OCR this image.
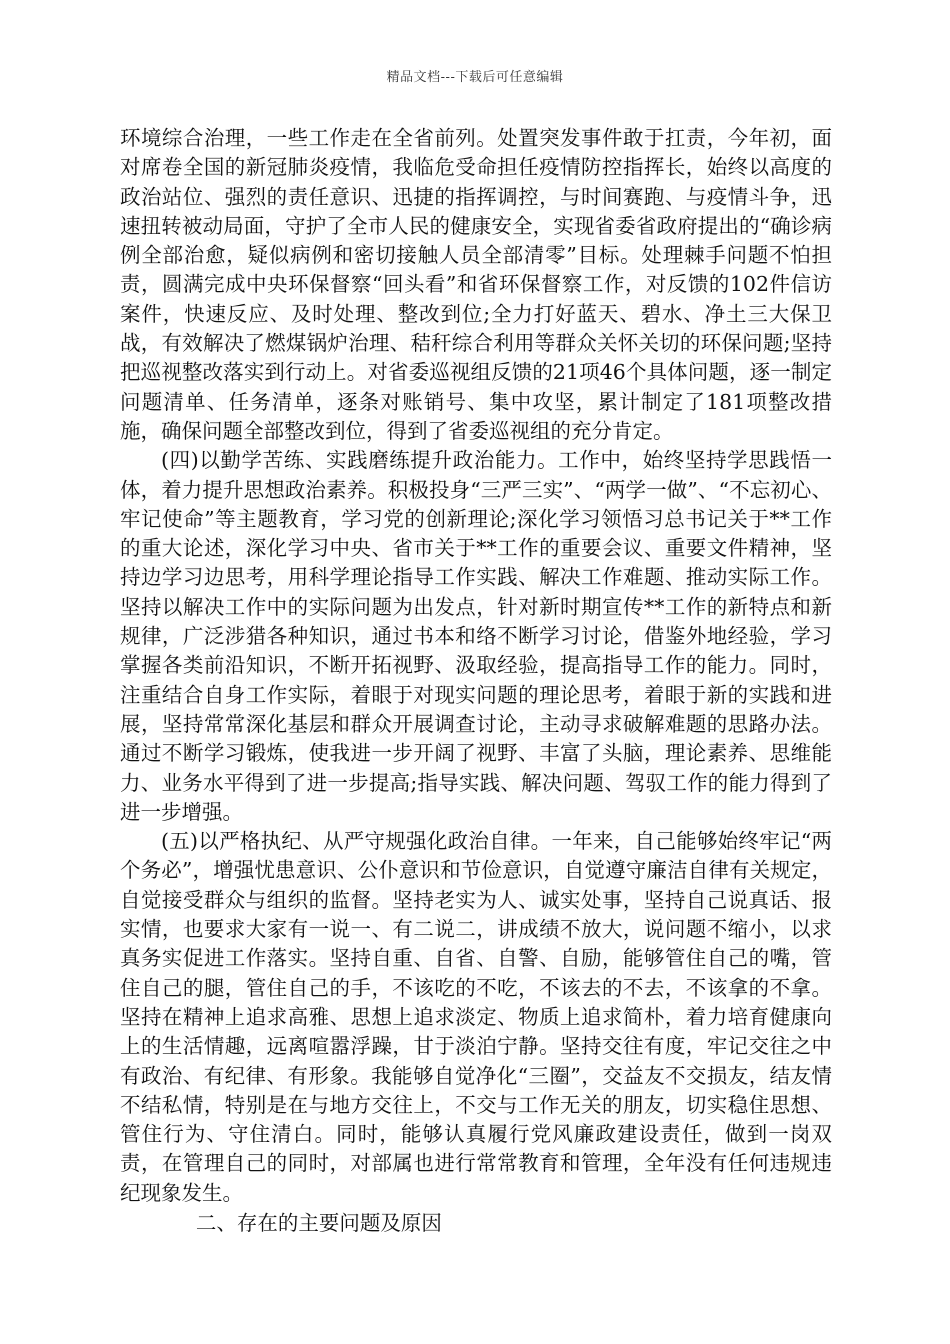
精品文档---下载后可任意编辑

环境综合治理，一些工作走在全省前列。处置突发事件敢于扛责，今年初，面对席卷全国的新冠肺炎疫情，我临危受命担任疫情防控指挥长，始终以高度的政治站位、强烈的责任意识、迅捷的指挥调控，与时间赛跑、与疫情斗争，迅速扭转被动局面，守护了全市人民的健康安全，实现省委省政府提出的“确诊病例全部治愈，疑似病例和密切接触人员全部清零”目标。处理棘手问题不怕担责，圆满完成中央环保督察“回头看”和省环保督察工作，对反馈的102件信访案件，快速反应、及时处理、整改到位;全力打好蓝天、碧水、净土三大保卫战，有效解决了燃煤锅炉治理、秸秆综合利用等群众关怀关切的环保问题;坚持把巡视整改落实到行动上。对省委巡视组反馈的21项46个具体问题，逐一制定问题清单、任务清单，逐条对账销号、集中攻坚，累计制定了181项整改措施，确保问题全部整改到位，得到了省委巡视组的充分肯定。

(四)以勤学苦练、实践磨练提升政治能力。工作中，始终坚持学思践悟一体，着力提升思想政治素养。积极投身“三严三实”、“两学一做”、“不忘初心、牢记使命”等主题教育，学习党的创新理论;深化学习领悟习总书记关于**工作的重大论述，深化学习中央、省市关于**工作的重要会议、重要文件精神，坚持边学习边思考，用科学理论指导工作实践、解决工作难题、推动实际工作。坚持以解决工作中的实际问题为出发点，针对新时期宣传**工作的新特点和新规律，广泛涉猎各种知识，通过书本和络不断学习讨论，借鉴外地经验，学习掌握各类前沿知识，不断开拓视野、汲取经验，提高指导工作的能力。同时，注重结合自身工作实际，着眼于对现实问题的理论思考，着眼于新的实践和进展，坚持常常深化基层和群众开展调查讨论，主动寻求破解难题的思路办法。通过不断学习锻炼，使我进一步开阔了视野、丰富了头脑，理论素养、思维能力、业务水平得到了进一步提高;指导实践、解决问题、驾驭工作的能力得到了进一步增强。

(五)以严格执纪、从严守规强化政治自律。一年来，自己能够始终牢记“两个务必”，增强忧患意识、公仆意识和节俭意识，自觉遵守廉洁自律有关规定，自觉接受群众与组织的监督。坚持老实为人、诚实处事，坚持自己说真话、报实情，也要求大家有一说一、有二说二，讲成绩不放大，说问题不缩小，以求真务实促进工作落实。坚持自重、自省、自警、自励，能够管住自己的嘴，管住自己的腿，管住自己的手，不该吃的不吃，不该去的不去，不该拿的不拿。坚持在精神上追求高雅、思想上追求淡定、物质上追求简朴，着力培育健康向上的生活情趣，远离喧嚣浮躁，甘于淡泊宁静。坚持交往有度，牢记交往之中有政治、有纪律、有形象。我能够自觉净化“三圈”，交益友不交损友，结友情不结私情，特别是在与地方交往上，不交与工作无关的朋友，切实稳住思想、管住行为、守住清白。同时，能够认真履行党风廉政建设责任，做到一岗双责，在管理自己的同时，对部属也进行常常教育和管理，全年没有任何违规违纪现象发生。

二、存在的主要问题及原因
